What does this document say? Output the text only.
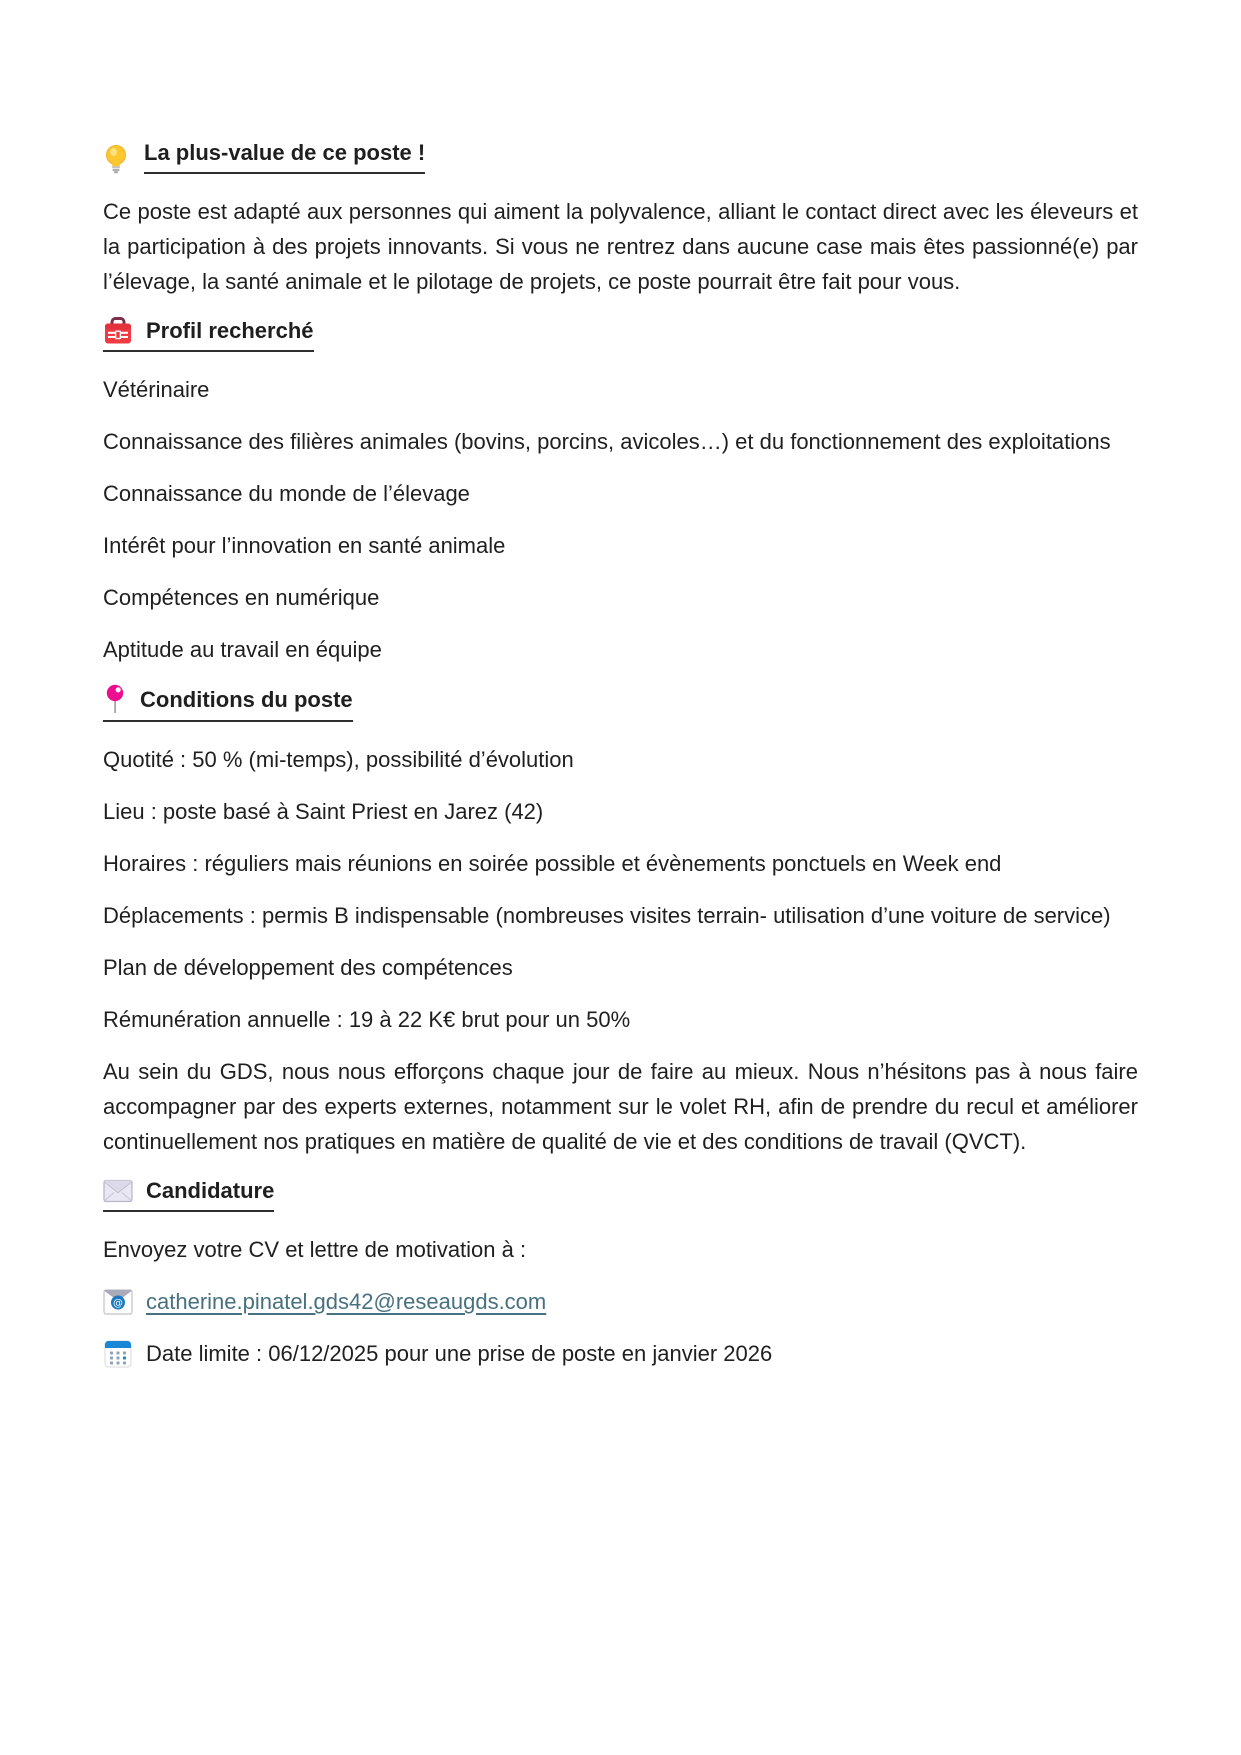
La plus-value de ce poste !

Ce poste est adapté aux personnes qui aiment la polyvalence, alliant le contact direct avec les éleveurs et la participation à des projets innovants. Si vous ne rentrez dans aucune case mais êtes passionné(e) par l’élevage, la santé animale et le pilotage de projets, ce poste pourrait être fait pour vous.

Profil recherché

Vétérinaire

Connaissance des filières animales (bovins, porcins, avicoles…) et du fonctionnement des exploitations

Connaissance du monde de l’élevage

Intérêt pour l’innovation en santé animale

Compétences en numérique

Aptitude au travail en équipe

Conditions du poste

Quotité : 50 % (mi-temps), possibilité d’évolution

Lieu : poste basé à Saint Priest en Jarez (42)

Horaires : réguliers mais réunions en soirée possible et évènements ponctuels en Week end

Déplacements : permis B indispensable (nombreuses visites terrain- utilisation d’une voiture de service)

Plan de développement des compétences

Rémunération annuelle : 19 à 22 K€ brut pour un 50%

Au sein du GDS, nous nous efforçons chaque jour de faire au mieux. Nous n’hésitons pas à nous faire accompagner par des experts externes, notamment sur le volet RH, afin de prendre du recul et améliorer continuellement nos pratiques en matière de qualité de vie et des conditions de travail (QVCT).

Candidature

Envoyez votre CV et lettre de motivation à :

@ catherine.pinatel.gds42@reseaugds.com
Date limite : 06/12/2025 pour une prise de poste en janvier 2026
